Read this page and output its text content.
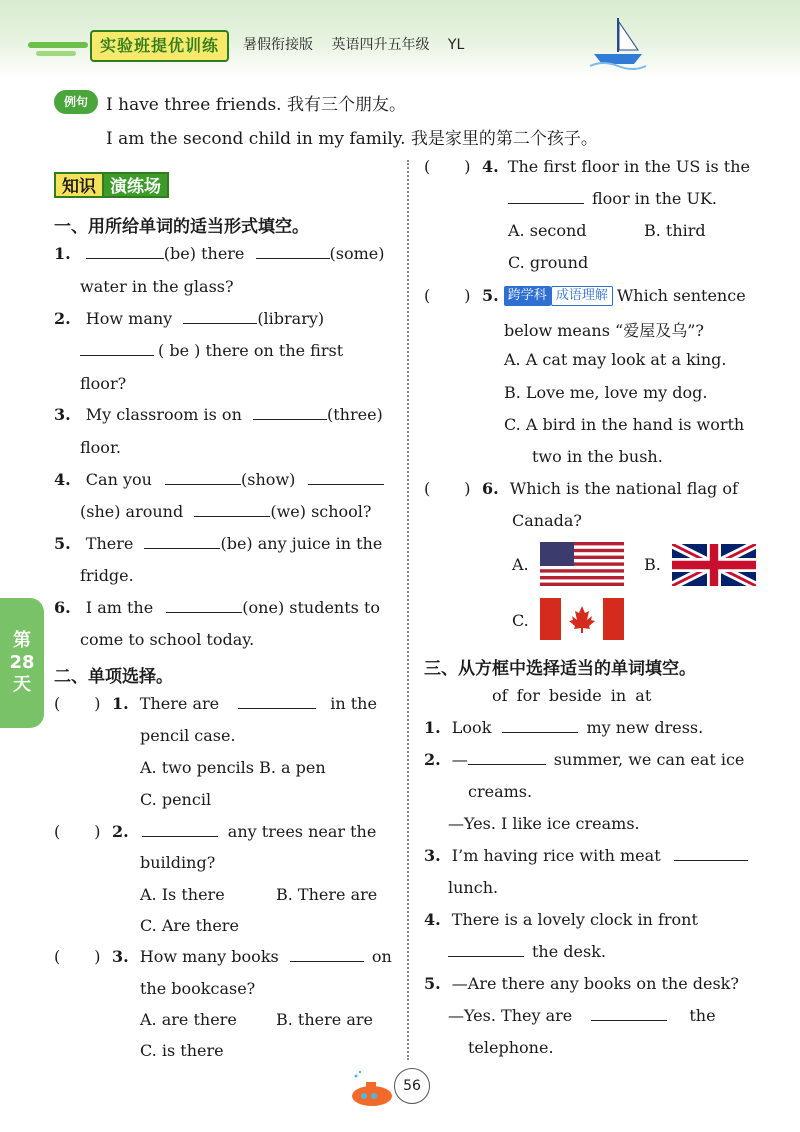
实验班提优训练	暑假衔接版 英语四升五年级 YL
例句	I have three friends. 我有三个朋友。
I am the second child in my family. 我是家里的第二个孩子。
知识 演练场
一、用所给单词的适当形式填空。
1.	(be) there	(some)
water in the glass?
2. How many	(library)
( be ) there on the first
floor?
3. My classroom is on	(three)
floor.
4. Can you	(show)
(she) around	(we) school?
5. There	(be) any juice in the
fridge.
6. I am the	(one) students to
come to school today.
第
28
天 二、单项选择。
( ) 1. There are	in the
pencil case.
A. two pencils B. a pen
C. pencil
( ) 2.	any trees near the
building?
A. Is there	B. There are
C. Are there
( ) 3. How many books	on
the bookcase?
A. are there B. there are
C. is there
( ) 4. The first floor in the US is the
floor in the UK.
A. second	B. third
C. ground
( ) 5. 跨学科 成语理解 Which sentence
below means “爱屋及乌”?
A. A cat may look at a king.
B. Love me, love my dog.
C. A bird in the hand is worth
two in the bush.
( ) 6. Which is the national flag of
Canada?
A.	B.
C.
三、从方框中选择适当的单词填空。
of for beside in at
1. Look	my new dress.
2. —	summer, we can eat ice
creams.
—Yes. I like ice creams.
3. I’m having rice with meat
lunch.
4. There is a lovely clock in front
the desk.
5. —Are there any books on the desk?
—Yes. They are	the
telephone.
56
